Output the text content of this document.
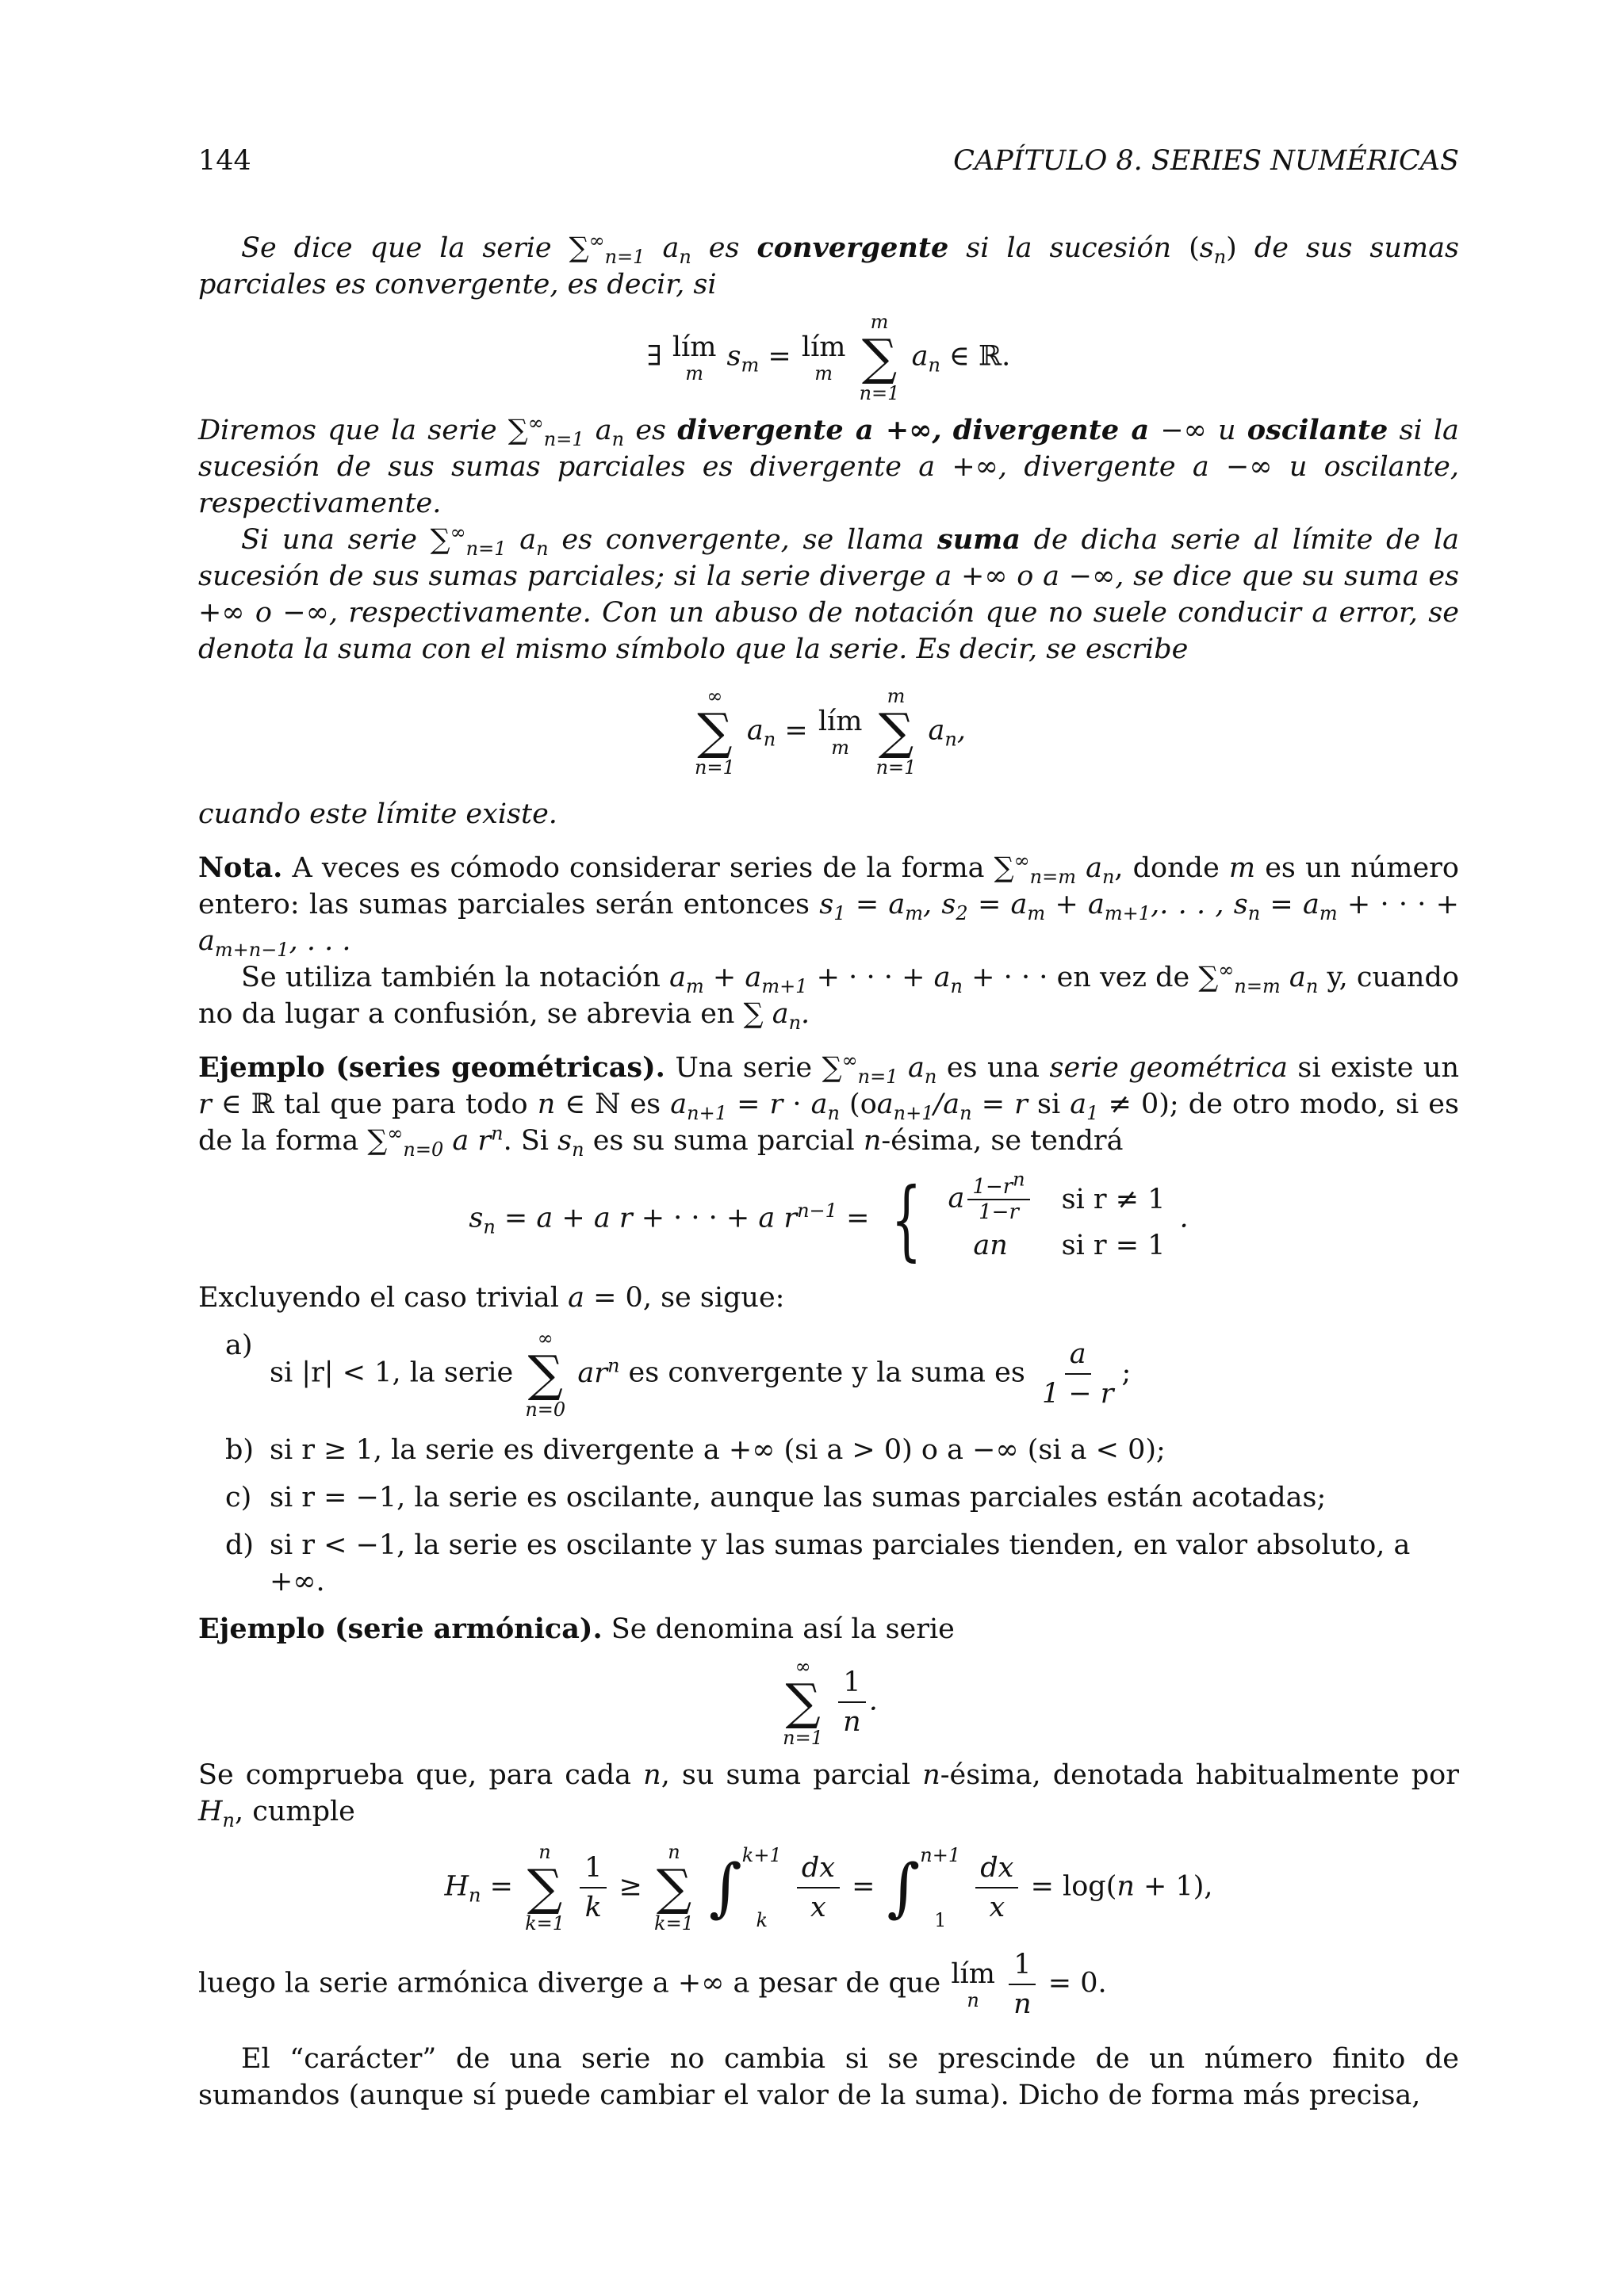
144	CAPÍTULO 8. SERIES NUMÉRICAS

Se dice que la serie $\sum^\infty_{n=1}$ $a_n$ es convergente si la sucesión $(s_n)$ de sus sumas parciales es convergente, es decir, si

∃ lím
m
$s_m$ = lím
m

m
∑
n=1
$a_n$ ∈ ℝ.

Diremos que la serie $\sum^\infty_{n=1}$ $a_n$ es divergente a +∞, divergente a −∞ u oscilante si la sucesión de sus sumas parciales es divergente a +∞, divergente a −∞ u oscilante, respectivamente.

Si una serie $\sum^\infty_{n=1}$ $a_n$ es convergente, se llama suma de dicha serie al límite de la sucesión de sus sumas parciales; si la serie diverge a +∞ o a −∞, se dice que su suma es +∞ o −∞, respectivamente. Con un abuso de notación que no suele conducir a error, se denota la suma con el mismo símbolo que la serie. Es decir, se escribe

∞
∑
n=1
$a_n$ = lím
m

m
∑
n=1
$a_n$,

cuando este límite existe.

Nota. A veces es cómodo considerar series de la forma $\sum^\infty_{n=m}$ $a_n$, donde m es un número entero: las sumas parciales serán entonces $s_1 = a_m$, $s_2 = a_m + a_{m+1}$,. . . , $s_n = a_m$ + · · · + $a_{m+n-1}$, . . .

Se utiliza también la notación $a_m + a_{m+1}$ + · · · + $a_n$ + · · · en vez de $\sum^\infty_{n=m}$ $a_n$ y, cuando no da lugar a confusión, se abrevia en ∑ $a_n$.

Ejemplo (series geométricas). Una serie $\sum^\infty_{n=1}$ $a_n$ es una serie geométrica si existe un r ∈ ℝ tal que para todo n ∈ ℕ es $a_{n+1} = r \cdot a_n$ ($oa_{n+1}/a_n = r$ si $a_1 \ne 0$); de otro modo, si es de la forma $\sum^\infty_{n=0}$ a $r^n$. Si $s_n$ es su suma parcial n-ésima, se tendrá

$s_n = a + a$ r + · · · + a $r^{n-1}$ = { a $\frac{1-r^n}{1-r}$	si r ≠ 1
an	si r = 1
.

Excluyendo el caso trivial a = 0, se sigue:

a)
si |r| < 1, la serie
∞
∑
n=0
$ar^n$ es convergente y la suma es $\frac{a}{1 - r}$ ;
b) si r ≥ 1, la serie es divergente a +∞ (si a > 0) o a −∞ (si a < 0);
c) si r = −1, la serie es oscilante, aunque las sumas parciales están acotadas;
d) si r < −1, la serie es oscilante y las sumas parciales tienden, en valor absoluto, a +∞.

Ejemplo (serie armónica). Se denomina así la serie

∞
∑
n=1
$\frac{1}{n}$ .

Se comprueba que, para cada n, su suma parcial n-ésima, denotada habitualmente por $H_n$, cumple

$H_n$ =
n
∑
k=1
$\frac{1}{k}$ ≥
n
∑
k=1
∫ k+1
k
	$\frac{dx}{x}$ = ∫ n+1
1
	$\frac{dx}{x} = \log(n + 1)$,

luego la serie armónica diverge a +∞ a pesar de que lím
n
$\frac{1}{n} = 0$.

El “carácter” de una serie no cambia si se prescinde de un número finito de sumandos (aunque sí puede cambiar el valor de la suma). Dicho de forma más precisa,
